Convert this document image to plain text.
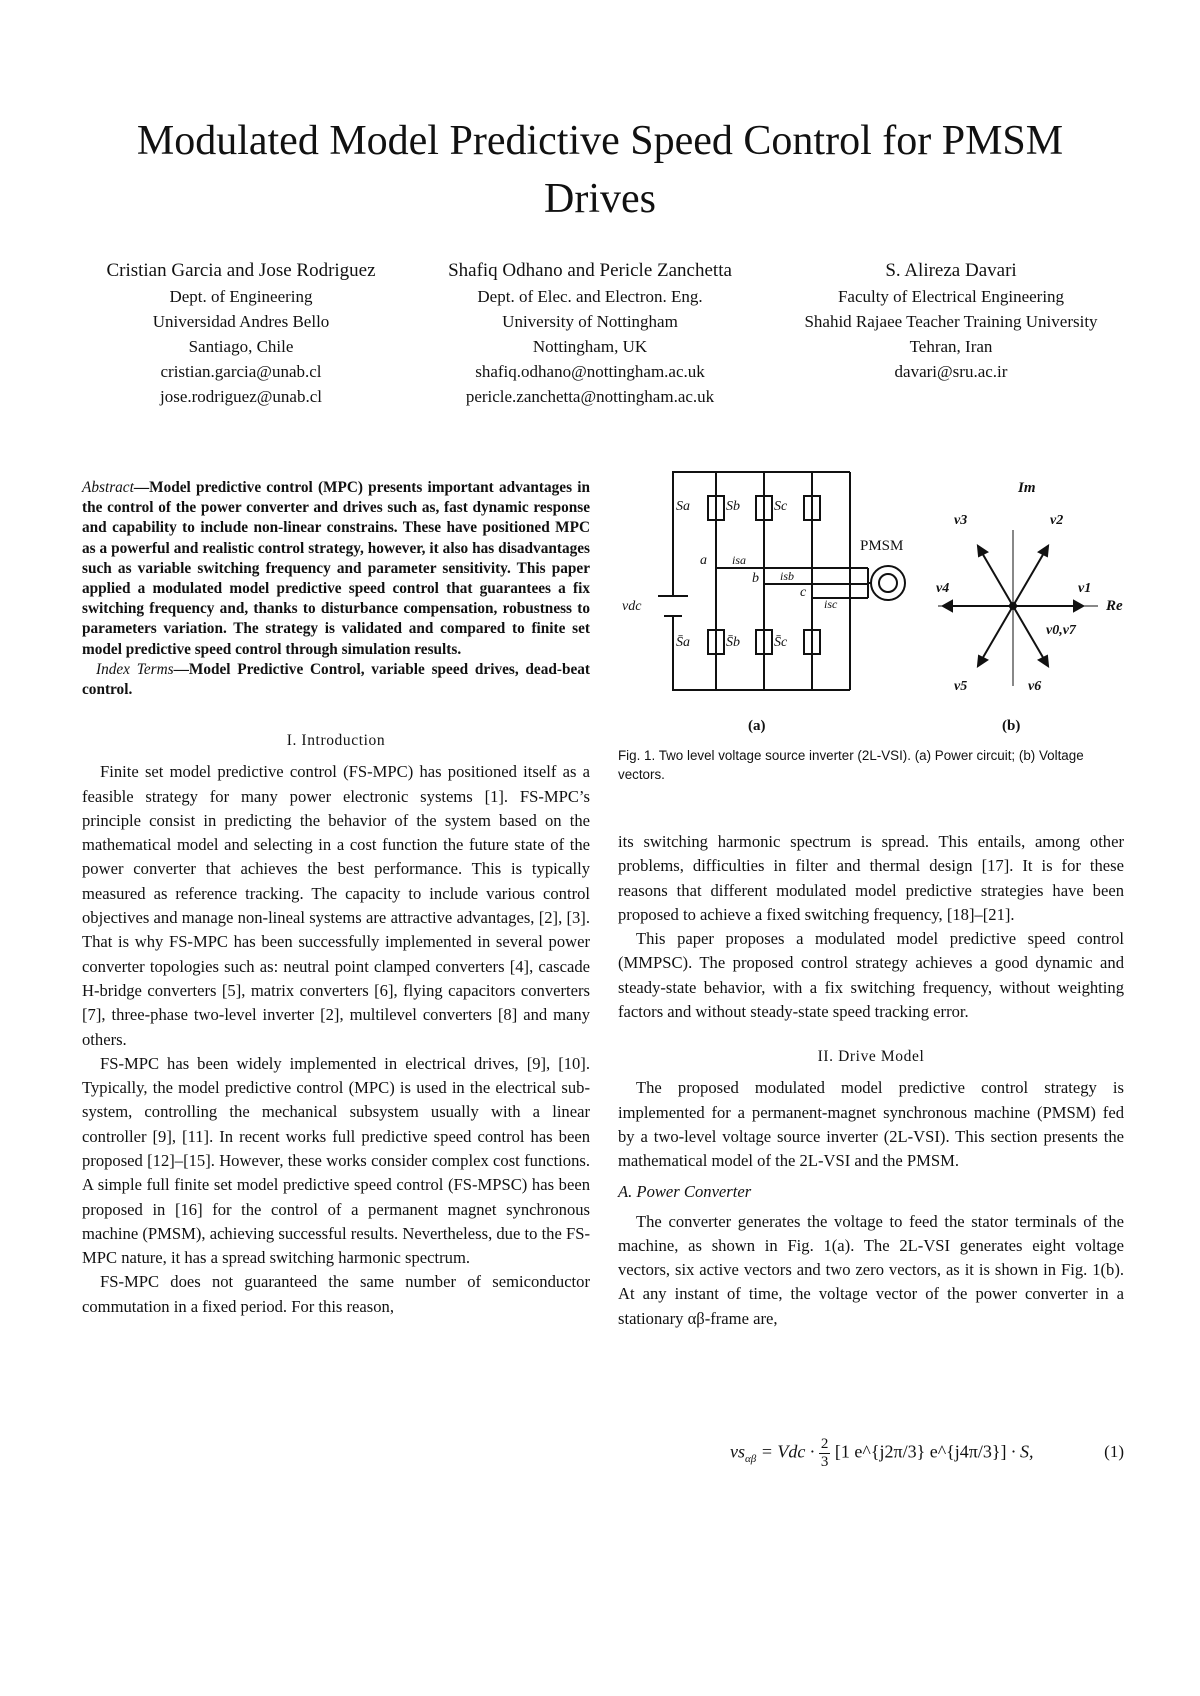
Modulated Model Predictive Speed Control for PMSM Drives
Cristian Garcia and Jose Rodriguez
Dept. of Engineering
Universidad Andres Bello
Santiago, Chile
cristian.garcia@unab.cl
jose.rodriguez@unab.cl
Shafiq Odhano and Pericle Zanchetta
Dept. of Elec. and Electron. Eng.
University of Nottingham
Nottingham, UK
shafiq.odhano@nottingham.ac.uk
pericle.zanchetta@nottingham.ac.uk
S. Alireza Davari
Faculty of Electrical Engineering
Shahid Rajaee Teacher Training University
Tehran, Iran
davari@sru.ac.ir

Abstract—Model predictive control (MPC) presents important advantages in the control of the power converter and drives such as, fast dynamic response and capability to include non-linear constrains. These have positioned MPC as a powerful and realistic control strategy, however, it also has disadvantages such as variable switching frequency and parameter sensitivity. This paper applied a modulated model predictive speed control that guarantees a fix switching frequency and, thanks to disturbance compensation, robustness to parameters variation. The strategy is validated and compared to finite set model predictive speed control through simulation results.

Index Terms—Model Predictive Control, variable speed drives, dead-beat control.

I. Introduction

Finite set model predictive control (FS-MPC) has positioned itself as a feasible strategy for many power electronic systems [1]. FS-MPC’s principle consist in predicting the behavior of the system based on the mathematical model and selecting in a cost function the future state of the power converter that achieves the best performance. This is typically measured as reference tracking. The capacity to include various control objectives and manage non-lineal systems are attractive advantages, [2], [3]. That is why FS-MPC has been successfully implemented in several power converter topologies such as: neutral point clamped converters [4], cascade H-bridge converters [5], matrix converters [6], flying capacitors converters [7], three-phase two-level inverter [2], multilevel converters [8] and many others.

FS-MPC has been widely implemented in electrical drives, [9], [10]. Typically, the model predictive control (MPC) is used in the electrical sub-system, controlling the mechanical subsystem usually with a linear controller [9], [11]. In recent works full predictive speed control has been proposed [12]–[15]. However, these works consider complex cost functions. A simple full finite set model predictive speed control (FS-MPSC) has been proposed in [16] for the control of a permanent magnet synchronous machine (PMSM), achieving successful results. Nevertheless, due to the FS-MPC nature, it has a spread switching harmonic spectrum.

FS-MPC does not guaranteed the same number of semiconductor commutation in a fixed period. For this reason,

vdc
Sa	Sb Sc
S̄a	S̄b S̄c
a
b
c
isa
isb
isc
PMSM
(a)
Im
Re
v1
v2
v3
v4
v5	v6
v0,v7
(b)
Fig. 1. Two level voltage source inverter (2L-VSI). (a) Power circuit; (b) Voltage vectors.

its switching harmonic spectrum is spread. This entails, among other problems, difficulties in filter and thermal design [17]. It is for these reasons that different modulated model predictive strategies have been proposed to achieve a fixed switching frequency, [18]–[21].

This paper proposes a modulated model predictive speed control (MMPSC). The proposed control strategy achieves a good dynamic and steady-state behavior, with a fix switching frequency, without weighting factors and without steady-state speed tracking error.

II. Drive Model

The proposed modulated model predictive control strategy is implemented for a permanent-magnet synchronous machine (PMSM) fed by a two-level voltage source inverter (2L-VSI). This section presents the mathematical model of the 2L-VSI and the PMSM.

A. Power Converter

The converter generates the voltage to feed the stator terminals of the machine, as shown in Fig. 1(a). The 2L-VSI generates eight voltage vectors, six active vectors and two zero vectors, as it is shown in Fig. 1(b). At any instant of time, the voltage vector of the power converter in a stationary αβ-frame are,

$vs_{\alpha\beta}$ = Vdc · $\frac{2}{3} [1$ e^{j2π/3} e^{j4π/3}] · S,	(1)
